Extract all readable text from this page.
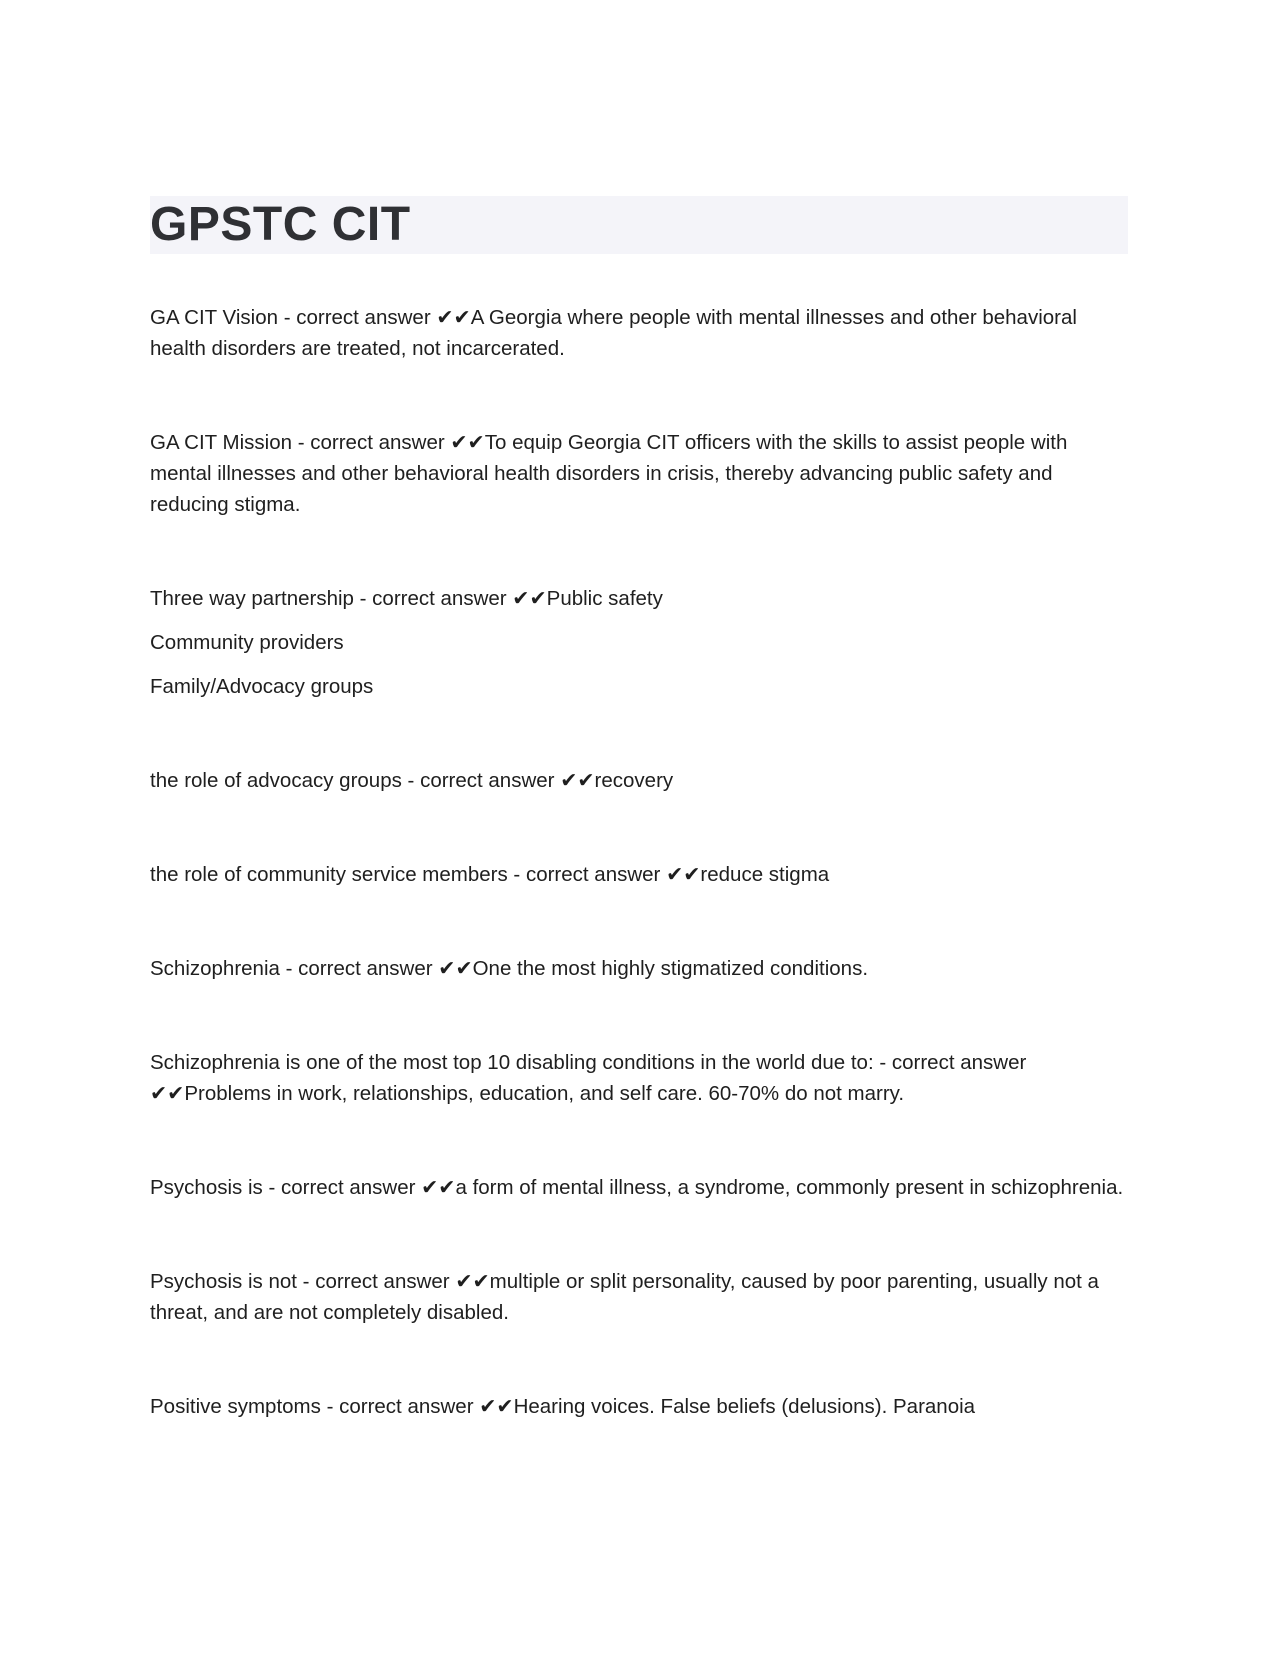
GPSTC CIT

GA CIT Vision - correct answer ✔✔A Georgia where people with mental illnesses and other behavioral health disorders are treated, not incarcerated.

GA CIT Mission - correct answer ✔✔To equip Georgia CIT officers with the skills to assist people with mental illnesses and other behavioral health disorders in crisis, thereby advancing public safety and reducing stigma.

Three way partnership - correct answer ✔✔Public safety

Community providers

Family/Advocacy groups

the role of advocacy groups - correct answer ✔✔recovery

the role of community service members - correct answer ✔✔reduce stigma

Schizophrenia - correct answer ✔✔One the most highly stigmatized conditions.

Schizophrenia is one of the most top 10 disabling conditions in the world due to: - correct answer ✔✔Problems in work, relationships, education, and self care. 60-70% do not marry.

Psychosis is - correct answer ✔✔a form of mental illness, a syndrome, commonly present in schizophrenia.

Psychosis is not - correct answer ✔✔multiple or split personality, caused by poor parenting, usually not a threat, and are not completely disabled.

Positive symptoms - correct answer ✔✔Hearing voices. False beliefs (delusions). Paranoia
